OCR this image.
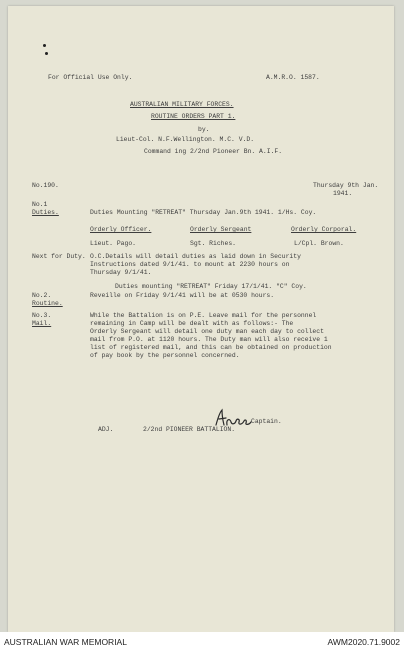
For Official Use Only.	A.M.R.O. 1587.
AUSTRALIAN MILITARY FORCES.
ROUTINE ORDERS PART 1.
by.
Lieut-Col. N.F.Wellington. M.C. V.D.
Command ing 2/2nd Pioneer Bn. A.I.F.
No.190.	Thursday 9th Jan.
1941.
No.1
Duties.	Duties Mounting "RETREAT" Thursday Jan.9th 1941. 1/Hs. Coy.
Orderly Officer.	Orderly Sergeant	Orderly Corporal.
Lieut. Pago.	Sgt. Riches.	L/Cpl. Brown.
Next for Duty. O.C.Details will detail duties as laid down in Security
Instructions dated 9/1/41. to mount at 2230 hours on
Thursday 9/1/41.
Duties mounting "RETREAT" Friday 17/1/41. "C" Coy.
No.2.
Routine.
Reveille on Friday 9/1/41 will be at 0530 hours.
No.3.
Mail.
While the Battalion is on P.E. Leave mail for the personnel
remaining in Camp will be dealt with as follows:- The
Orderly Sergeant will detail one duty man each day to collect
mail from P.O. at 1120 hours. The Duty man will also receive 1
list of registered mail, and this can be obtained on production
of pay book by the personnel concerned.
Captain.
ADJ.	2/2nd PIONEER BATTALION.
AUSTRALIAN WAR MEMORIAL	AWM2020.71.9002
